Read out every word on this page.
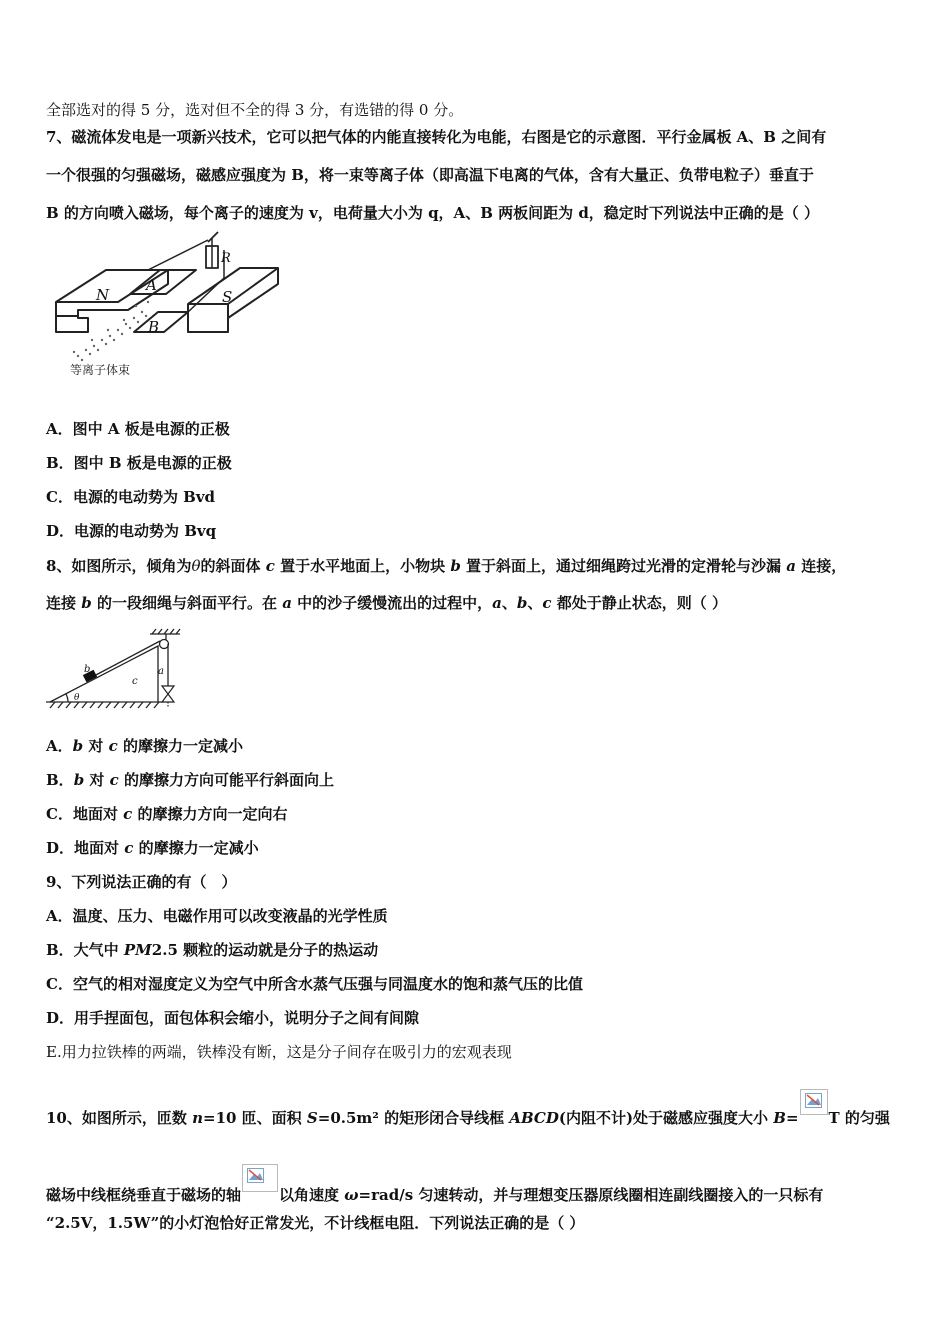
全部选对的得 5 分，选对但不全的得 3 分，有选错的得 0 分。
7、磁流体发电是一项新兴技术，它可以把气体的内能直接转化为电能，右图是它的示意图．平行金属板 A、B 之间有
一个很强的匀强磁场，磁感应强度为 B，将一束等离子体（即高温下电离的气体，含有大量正、负带电粒子）垂直于
B 的方向喷入磁场，每个离子的速度为 v，电荷量大小为 q，A、B 两板间距为 d，稳定时下列说法中正确的是（ ）
N
A
B
S
R
等离子体束
A．图中 A 板是电源的正极
B．图中 B 板是电源的正极
C．电源的电动势为 Bvd
D．电源的电动势为 Bvq
8、如图所示，倾角为θ的斜面体 c 置于水平地面上，小物块 b 置于斜面上，通过细绳跨过光滑的定滑轮与沙漏 a 连接，
连接 b 的一段细绳与斜面平行。在 a 中的沙子缓慢流出的过程中，a、b、c 都处于静止状态，则（ ）
b
c
a
θ
A．b 对 c 的摩擦力一定减小
B．b 对 c 的摩擦力方向可能平行斜面向上
C．地面对 c 的摩擦力方向一定向右
D．地面对 c 的摩擦力一定减小
9、下列说法正确的有（　）
A．温度、压力、电磁作用可以改变液晶的光学性质
B．大气中 PM2.5 颗粒的运动就是分子的热运动
C．空气的相对湿度定义为空气中所含水蒸气压强与同温度水的饱和蒸气压的比值
D．用手捏面包，面包体积会缩小，说明分子之间有间隙
E.用力拉铁棒的两端，铁棒没有断，这是分子间存在吸引力的宏观表现
10、如图所示，匝数 n=10 匝、面积 S=0.5m² 的矩形闭合导线框 ABCD(内阻不计)处于磁感应强度大小 B= T 的匀强
磁场中线框绕垂直于磁场的轴	以角速度 ω=rad/s 匀速转动，并与理想变压器原线圈相连副线圈接入的一只标有
“2.5V，1.5W”的小灯泡恰好正常发光，不计线框电阻．下列说法正确的是（ ）
